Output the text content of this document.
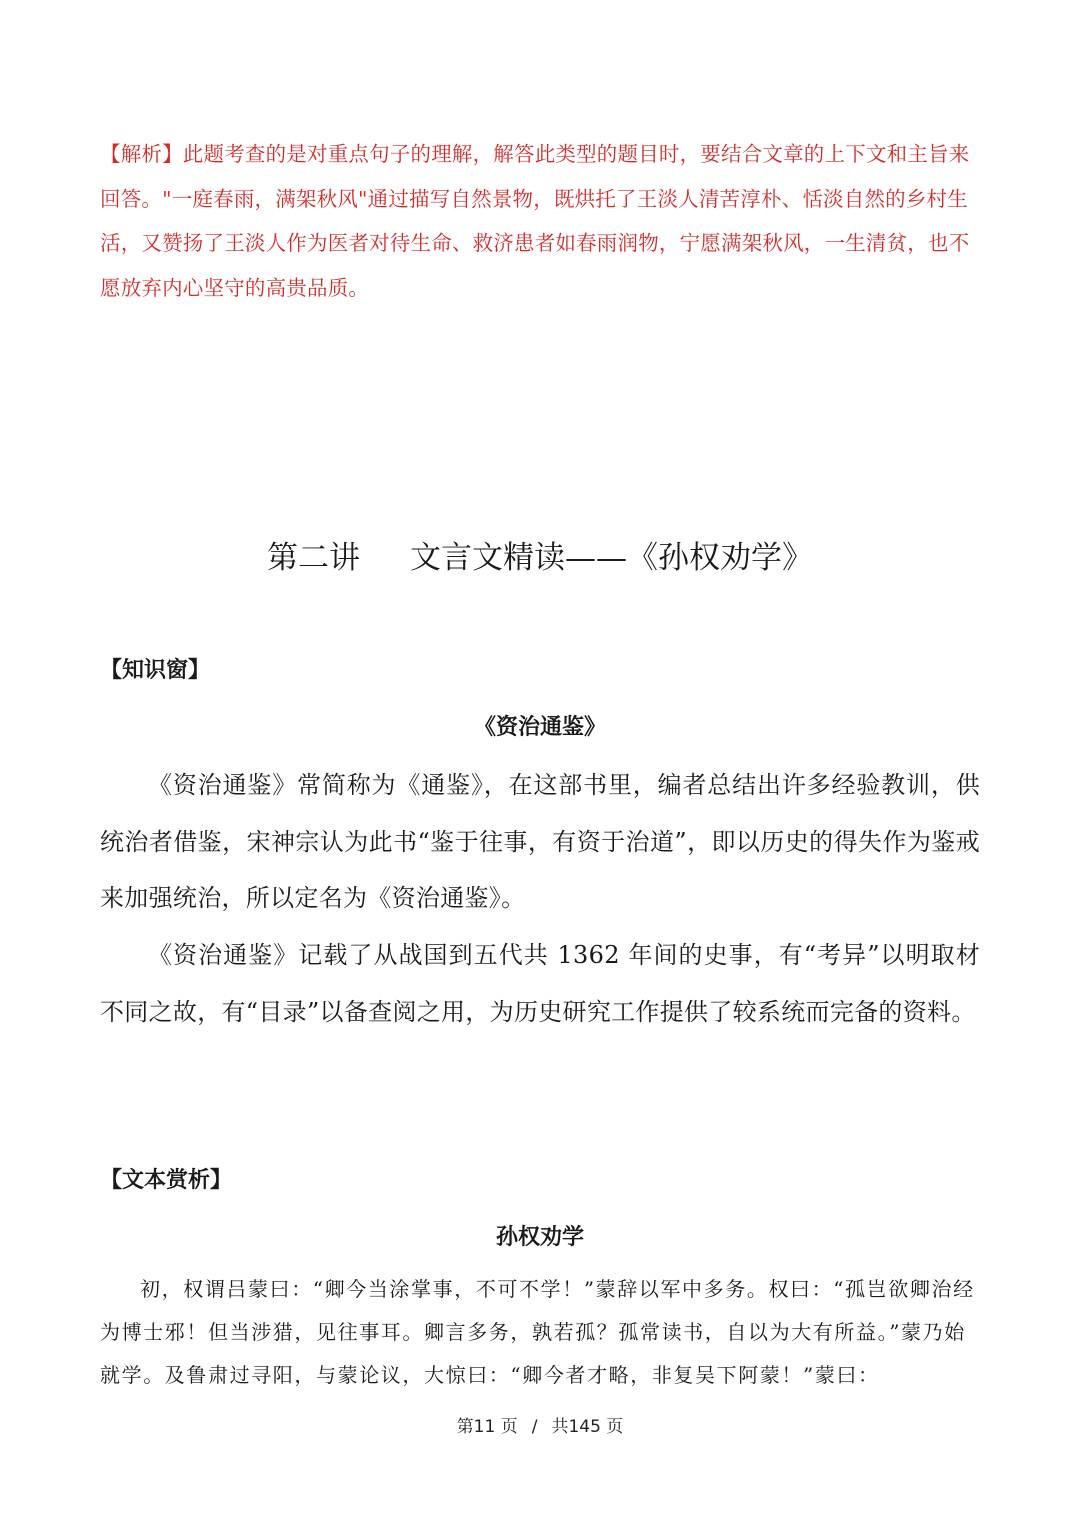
【解析】此题考查的是对重点句子的理解，解答此类型的题目时，要结合文章的上下文和主旨来回答。"一庭春雨，满架秋风"通过描写自然景物，既烘托了王淡人清苦淳朴、恬淡自然的乡村生活，又赞扬了王淡人作为医者对待生命、救济患者如春雨润物，宁愿满架秋风，一生清贫，也不愿放弃内心坚守的高贵品质。

第二讲 文言文精读——《孙权劝学》
【知识窗】
《资治通鉴》

《资治通鉴》常简称为《通鉴》，在这部书里，编者总结出许多经验教训，供统治者借鉴，宋神宗认为此书“鉴于往事，有资于治道”，即以历史的得失作为鉴戒来加强统治，所以定名为《资治通鉴》。

《资治通鉴》记载了从战国到五代共 1362 年间的史事，有“考异”以明取材不同之故，有“目录”以备查阅之用，为历史研究工作提供了较系统而完备的资料。

【文本赏析】
孙权劝学

初，权谓吕蒙曰：“卿今当涂掌事，不可不学！”蒙辞以军中多务。权曰：“孤岂欲卿治经为博士邪！但当涉猎，见往事耳。卿言多务，孰若孤？孤常读书，自以为大有所益。”蒙乃始就学。及鲁肃过寻阳，与蒙论议，大惊曰：“卿今者才略，非复吴下阿蒙！”蒙曰：

第11 页 / 共145 页
